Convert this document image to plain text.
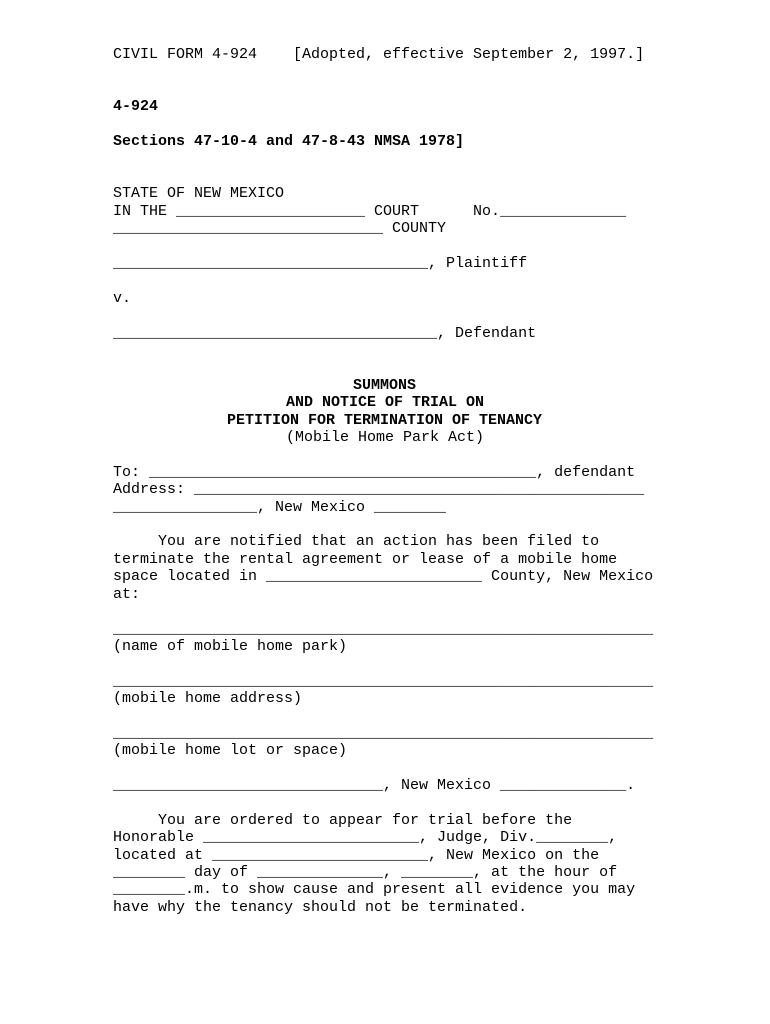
CIVIL FORM 4-924    [Adopted, effective September 2, 1997.]

4-924

Sections 47-10-4 and 47-8-43 NMSA 1978]

STATE OF NEW MEXICO

IN THE _____________________ COURT      No.______________

______________________________ COUNTY

___________________________________, Plaintiff

v.

____________________________________, Defendant

SUMMONS

AND NOTICE OF TRIAL ON

PETITION FOR TERMINATION OF TENANCY

(Mobile Home Park Act)

To: ___________________________________________, defendant

Address: __________________________________________________

________________, New Mexico ________

You are notified that an action has been filed to

terminate the rental agreement or lease of a mobile home

space located in ________________________ County, New Mexico

at:

____________________________________________________________

(name of mobile home park)

____________________________________________________________

(mobile home address)

____________________________________________________________

(mobile home lot or space)

______________________________, New Mexico ______________.

You are ordered to appear for trial before the

Honorable ________________________, Judge, Div.________,

located at ________________________, New Mexico on the

________ day of ______________, ________, at the hour of

________.m. to show cause and present all evidence you may

have why the tenancy should not be terminated.
